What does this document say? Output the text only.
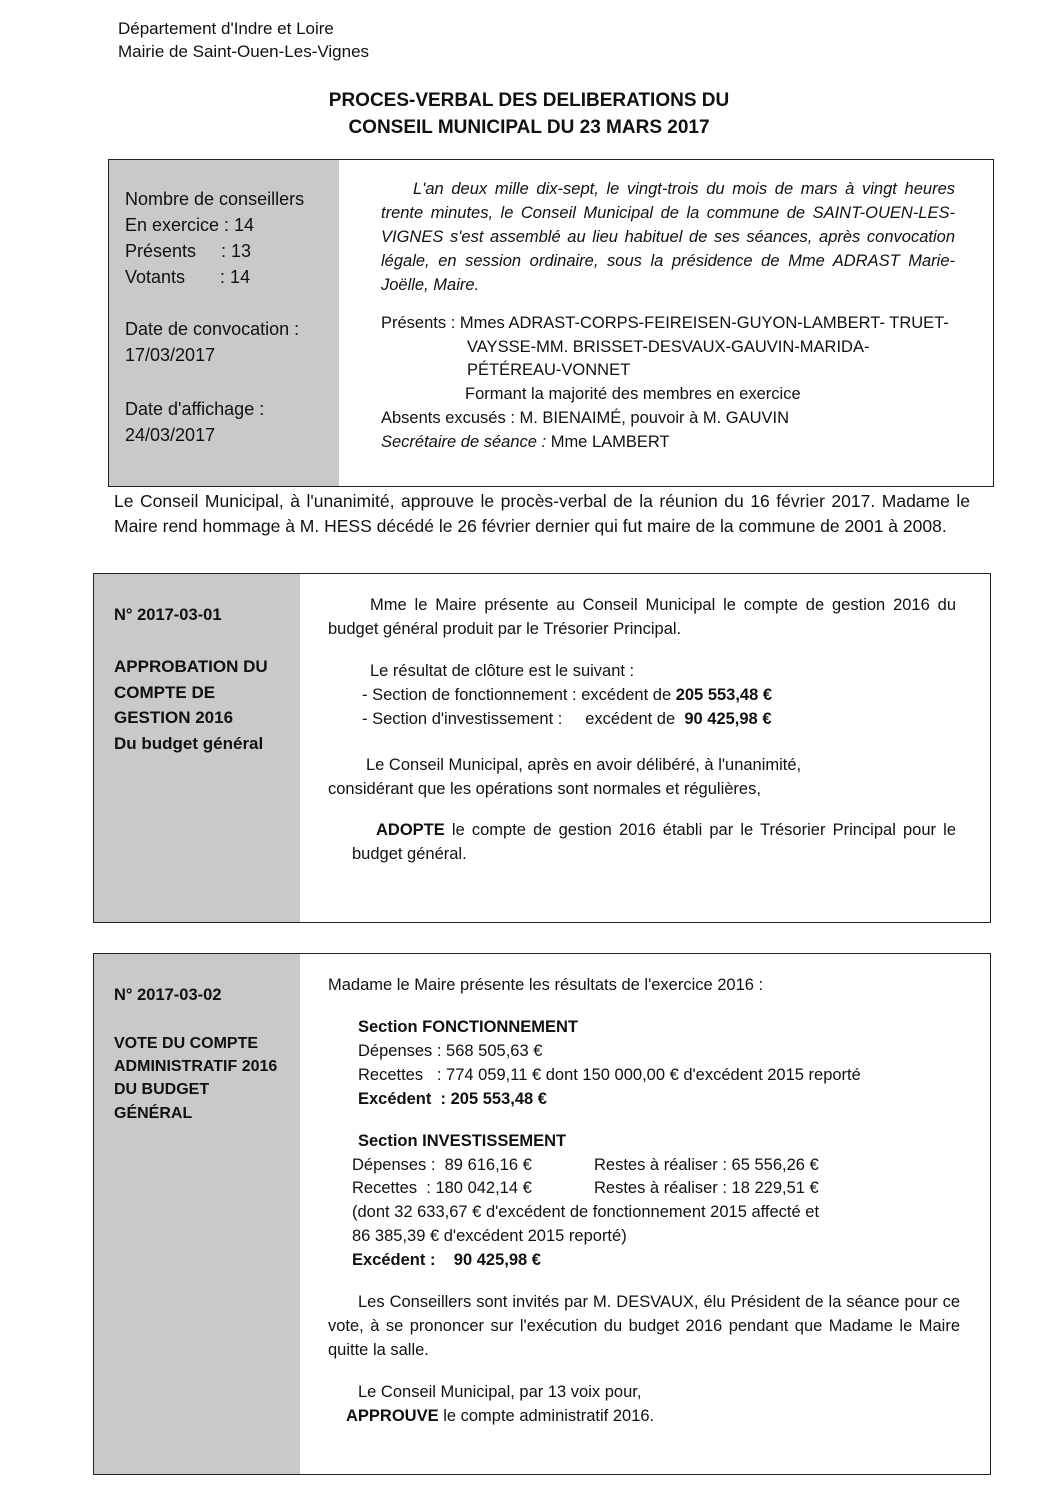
Département d'Indre et Loire
Mairie de Saint-Ouen-Les-Vignes
PROCES-VERBAL DES DELIBERATIONS DU
CONSEIL MUNICIPAL DU 23 MARS 2017
Nombre de conseillers
En exercice : 14
Présents     : 13
Votants       : 14
Date de convocation :
17/03/2017
Date d'affichage :
24/03/2017

L'an deux mille dix-sept, le vingt-trois du mois de mars à vingt heures trente minutes, le Conseil Municipal de la commune de SAINT-OUEN-LES-VIGNES s'est assemblé au lieu habituel de ses séances, après convocation légale, en session ordinaire, sous la présidence de Mme ADRAST Marie-Joëlle, Maire.

Présents : Mmes ADRAST-CORPS-FEIREISEN-GUYON-LAMBERT- TRUET-
VAYSSE-MM. BRISSET-DESVAUX-GAUVIN-MARIDA-
PÉTÉREAU-VONNET
Formant la majorité des membres en exercice
Absents excusés : M. BIENAIMÉ, pouvoir à M. GAUVIN
Secrétaire de séance : Mme LAMBERT
Le Conseil Municipal, à l'unanimité, approuve le procès-verbal de la réunion du 16 février 2017. Madame le Maire rend hommage à M. HESS décédé le 26 février dernier qui fut maire de la commune de 2001 à 2008.
N° 2017-03-01
APPROBATION DU
COMPTE DE
GESTION 2016
Du budget général

Mme le Maire présente au Conseil Municipal le compte de gestion 2016 du budget général produit par le Trésorier Principal.

Le résultat de clôture est le suivant :
- Section de fonctionnement : excédent de 205 553,48 €
- Section d'investissement :     excédent de  90 425,98 €
Le Conseil Municipal, après en avoir délibéré, à l'unanimité,
considérant que les opérations sont normales et régulières,

ADOPTE le compte de gestion 2016 établi par le Trésorier Principal pour le budget général.

N° 2017-03-02
VOTE DU COMPTE
ADMINISTRATIF 2016
DU BUDGET
GÉNÉRAL
Madame le Maire présente les résultats de l'exercice 2016 :
Section FONCTIONNEMENT
Dépenses : 568 505,63 €
Recettes   : 774 059,11 € dont 150 000,00 € d'excédent 2015 reporté
Excédent  : 205 553,48 €
Section INVESTISSEMENT
Dépenses :  89 616,16 €	Restes à réaliser : 65 556,26 €
Recettes  : 180 042,14 €	Restes à réaliser : 18 229,51 €
(dont 32 633,67 € d'excédent de fonctionnement 2015 affecté et
86 385,39 € d'excédent 2015 reporté)
Excédent :    90 425,98 €

Les Conseillers sont invités par M. DESVAUX, élu Président de la séance pour ce vote, à se prononcer sur l'exécution du budget 2016 pendant que Madame le Maire quitte la salle.

Le Conseil Municipal, par 13 voix pour,
APPROUVE le compte administratif 2016.
